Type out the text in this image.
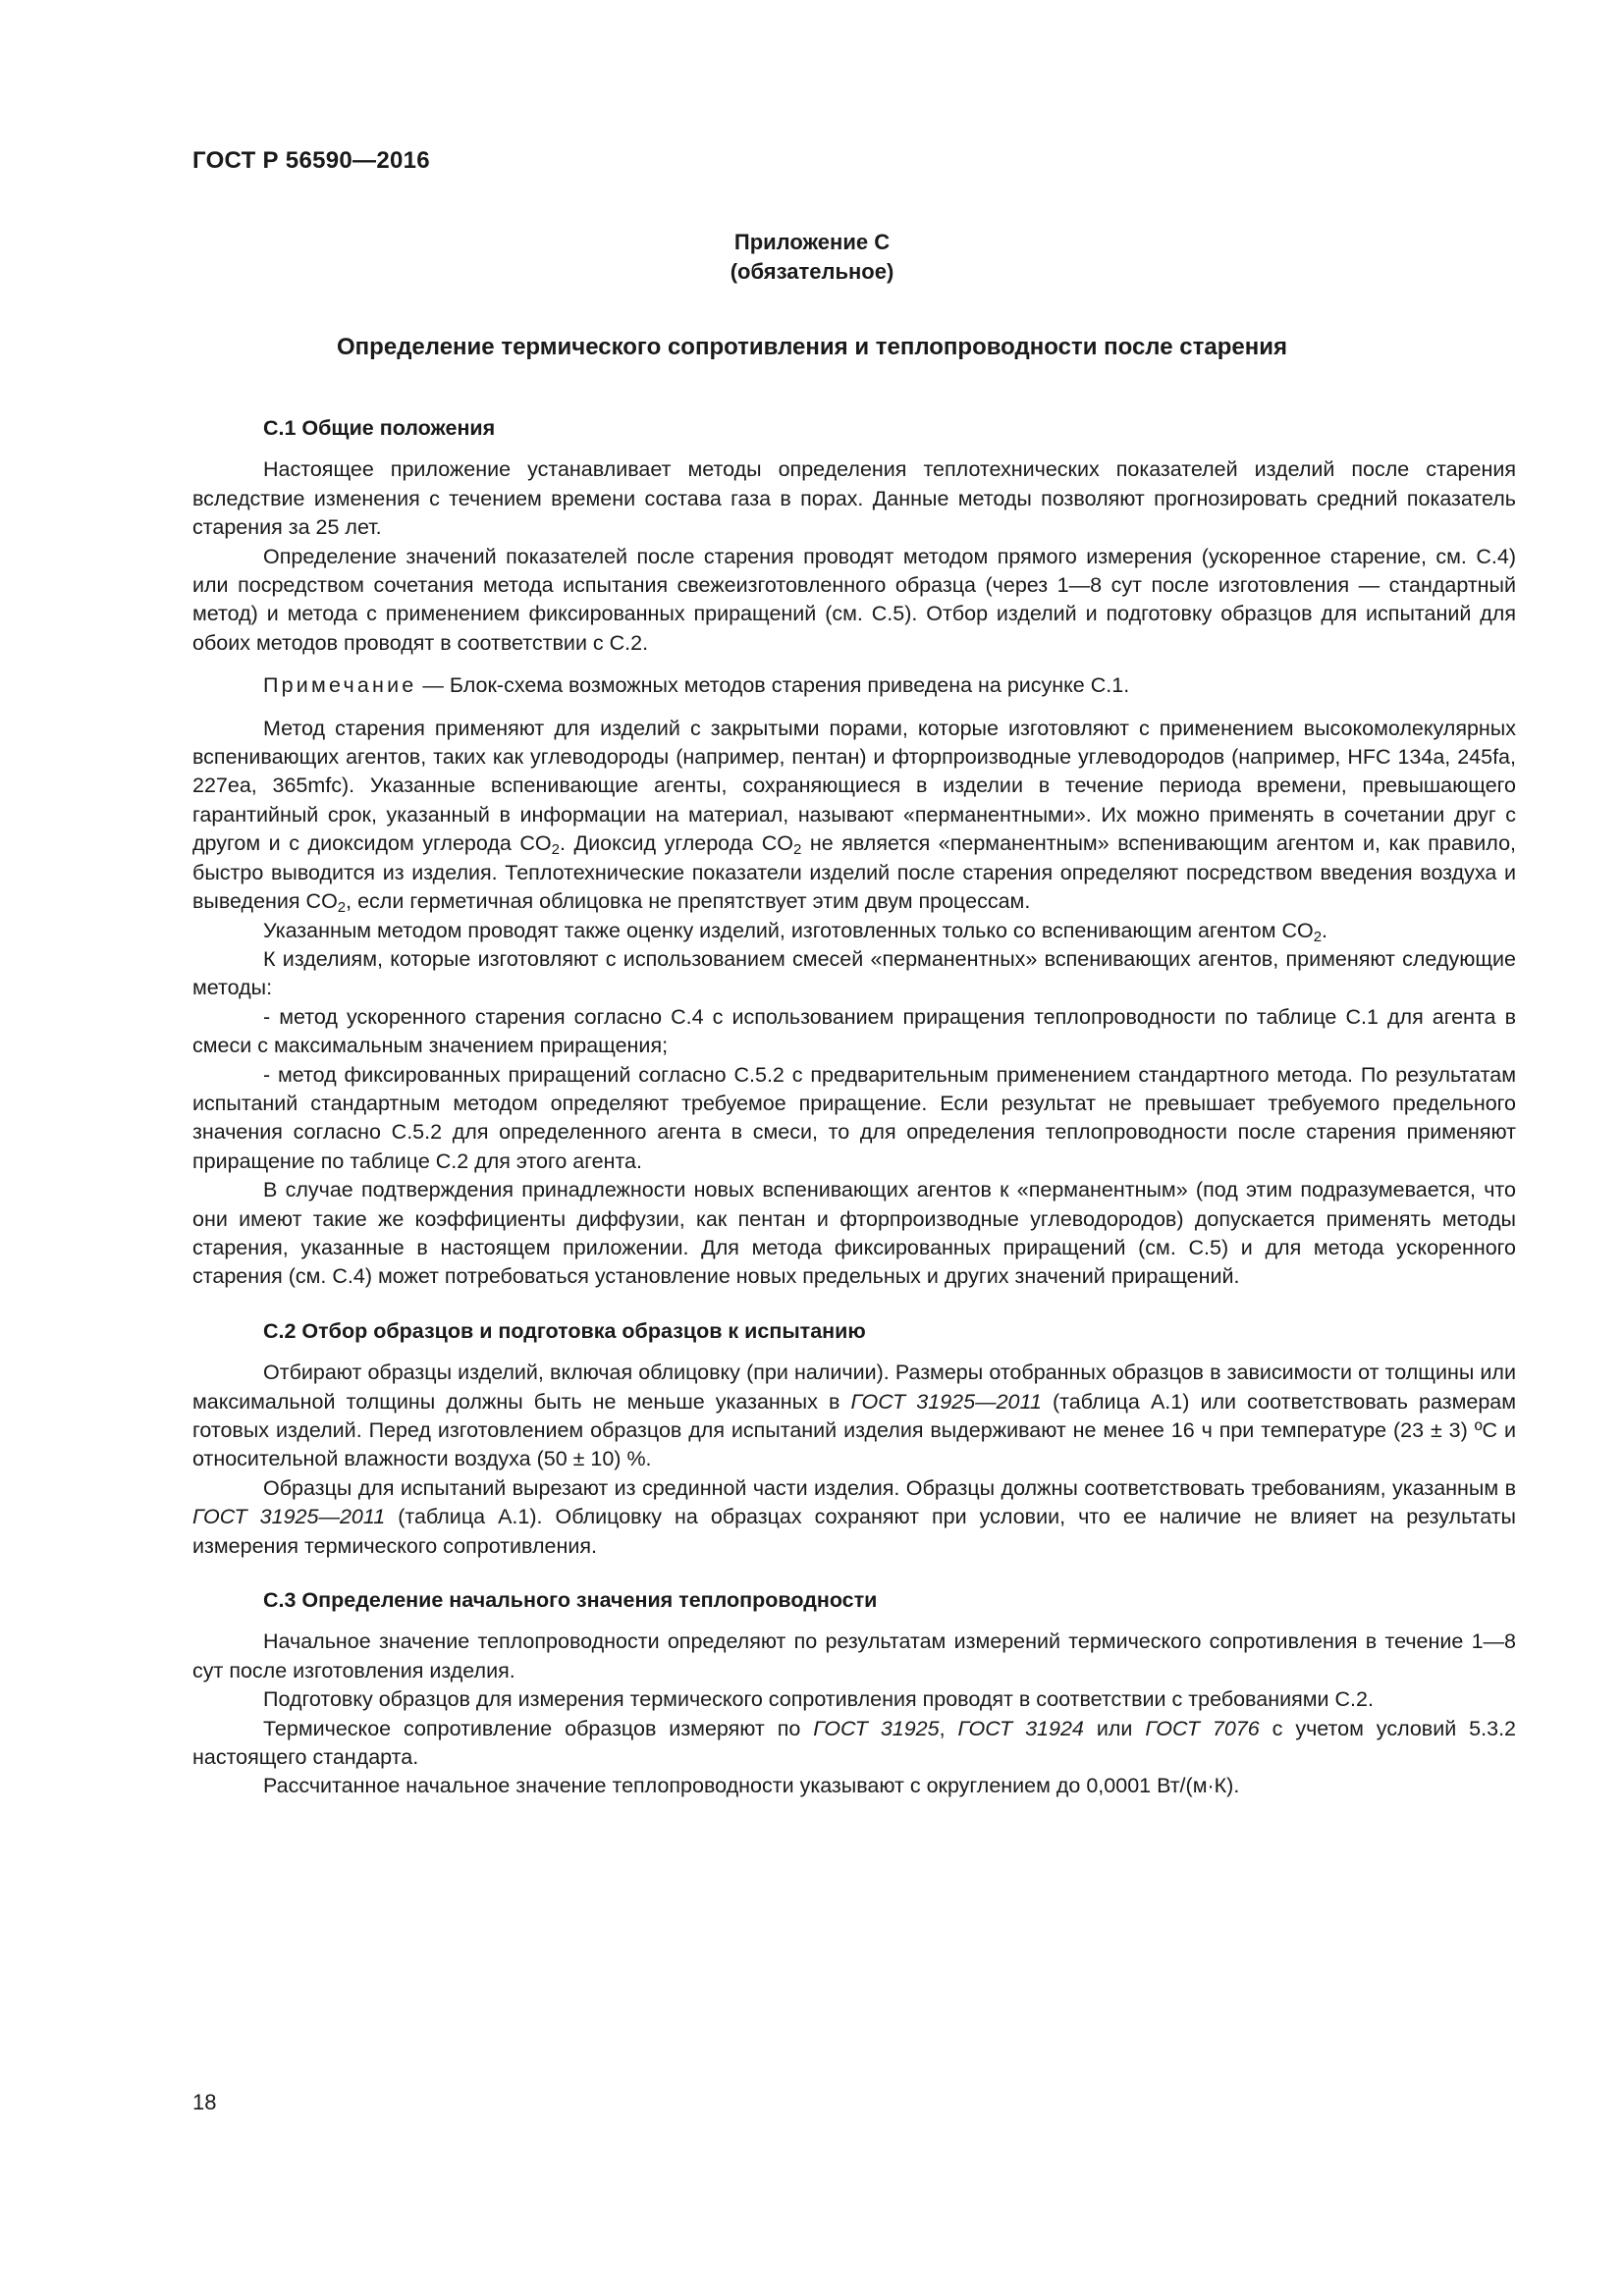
ГОСТ Р 56590—2016
Приложение С
(обязательное)
Определение термического сопротивления и теплопроводности после старения
С.1 Общие положения

Настоящее приложение устанавливает методы определения теплотехнических показателей изделий после старения вследствие изменения с течением времени состава газа в порах. Данные методы позволяют прогнозировать средний показатель старения за 25 лет.

Определение значений показателей после старения проводят методом прямого измерения (ускоренное старение, см. С.4) или посредством сочетания метода испытания свежеизготовленного образца (через 1—8 сут после изготовления — стандартный метод) и метода с применением фиксированных приращений (см. С.5). Отбор изделий и подготовку образцов для испытаний для обоих методов проводят в соответствии с С.2.

Примечание — Блок-схема возможных методов старения приведена на рисунке С.1.

Метод старения применяют для изделий с закрытыми порами, которые изготовляют с применением высокомолекулярных вспенивающих агентов, таких как углеводороды (например, пентан) и фторпроизводные углеводородов (например, HFC 134a, 245fa, 227ea, 365mfc). Указанные вспенивающие агенты, сохраняющиеся в изделии в течение периода времени, превышающего гарантийный срок, указанный в информации на материал, называют «перманентными». Их можно применять в сочетании друг с другом и с диоксидом углерода $CO_2$. Диоксид углерода $CO_2$ не является «перманентным» вспенивающим агентом и, как правило, быстро выводится из изделия. Теплотехнические показатели изделий после старения определяют посредством введения воздуха и выведения $CO_2$, если герметичная облицовка не препятствует этим двум процессам.

Указанным методом проводят также оценку изделий, изготовленных только со вспенивающим агентом $CO_2$.

К изделиям, которые изготовляют с использованием смесей «перманентных» вспенивающих агентов, применяют следующие методы:

- метод ускоренного старения согласно С.4 с использованием приращения теплопроводности по таблице С.1 для агента в смеси с максимальным значением приращения;

- метод фиксированных приращений согласно С.5.2 с предварительным применением стандартного метода. По результатам испытаний стандартным методом определяют требуемое приращение. Если результат не превышает требуемого предельного значения согласно С.5.2 для определенного агента в смеси, то для определения теплопроводности после старения применяют приращение по таблице С.2 для этого агента.

В случае подтверждения принадлежности новых вспенивающих агентов к «перманентным» (под этим подразумевается, что они имеют такие же коэффициенты диффузии, как пентан и фторпроизводные углеводородов) допускается применять методы старения, указанные в настоящем приложении. Для метода фиксированных приращений (см. С.5) и для метода ускоренного старения (см. С.4) может потребоваться установление новых предельных и других значений приращений.

С.2 Отбор образцов и подготовка образцов к испытанию

Отбирают образцы изделий, включая облицовку (при наличии). Размеры отобранных образцов в зависимости от толщины или максимальной толщины должны быть не меньше указанных в ГОСТ 31925—2011 (таблица А.1) или соответствовать размерам готовых изделий. Перед изготовлением образцов для испытаний изделия выдерживают не менее 16 ч при температуре (23 ± 3) ºС и относительной влажности воздуха (50 ± 10) %.

Образцы для испытаний вырезают из срединной части изделия. Образцы должны соответствовать требованиям, указанным в ГОСТ 31925—2011 (таблица А.1). Облицовку на образцах сохраняют при условии, что ее наличие не влияет на результаты измерения термического сопротивления.

С.3 Определение начального значения теплопроводности

Начальное значение теплопроводности определяют по результатам измерений термического сопротивления в течение 1—8 сут после изготовления изделия.

Подготовку образцов для измерения термического сопротивления проводят в соответствии с требованиями С.2.

Термическое сопротивление образцов измеряют по ГОСТ 31925, ГОСТ 31924 или ГОСТ 7076 с учетом условий 5.3.2 настоящего стандарта.

Рассчитанное начальное значение теплопроводности указывают с округлением до 0,0001 Вт/(м·К).

18
